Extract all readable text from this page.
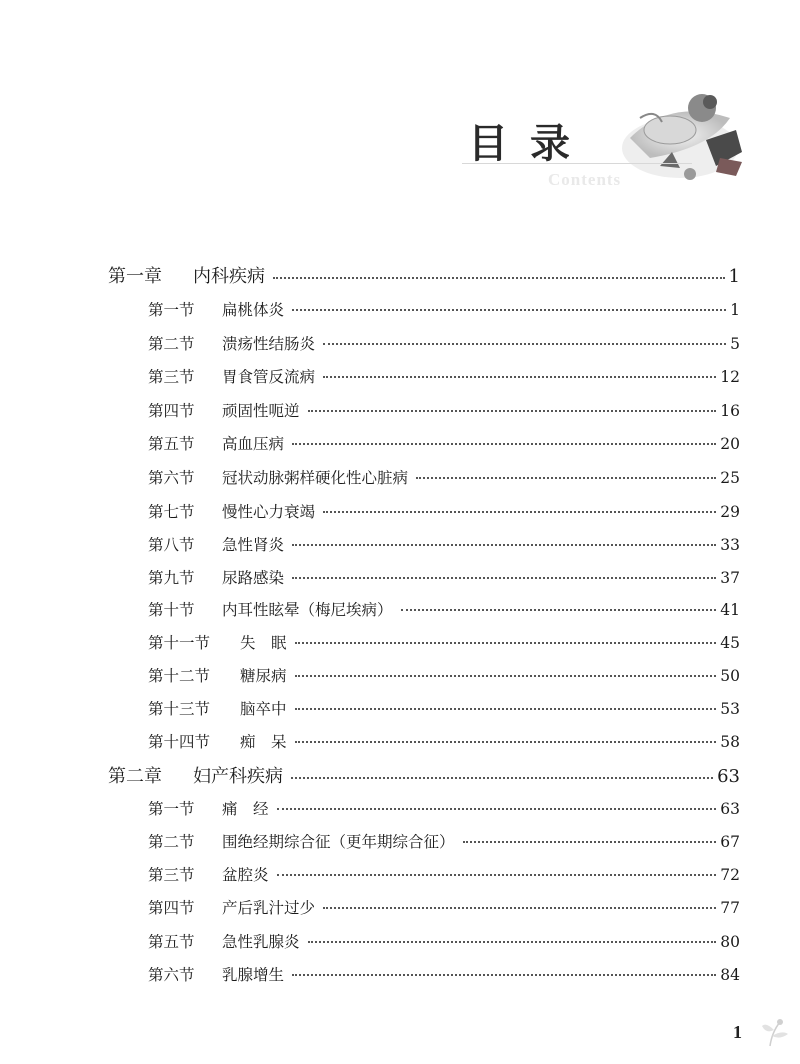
目录
Contents
第一章	内科疾病	1
第一节	扁桃体炎	1
第二节	溃疡性结肠炎	5
第三节	胃食管反流病	12
第四节	顽固性呃逆	16
第五节	高血压病	20
第六节	冠状动脉粥样硬化性心脏病	25
第七节	慢性心力衰竭	29
第八节	急性肾炎	33
第九节	尿路感染	37
第十节	内耳性眩晕（梅尼埃病）	41
第十一节	失　眠	45
第十二节	糖尿病	50
第十三节	脑卒中	53
第十四节	痴　呆	58
第二章	妇产科疾病	63
第一节	痛　经	63
第二节	围绝经期综合征（更年期综合征）	67
第三节	盆腔炎	72
第四节	产后乳汁过少	77
第五节	急性乳腺炎	80
第六节	乳腺增生	84
1
